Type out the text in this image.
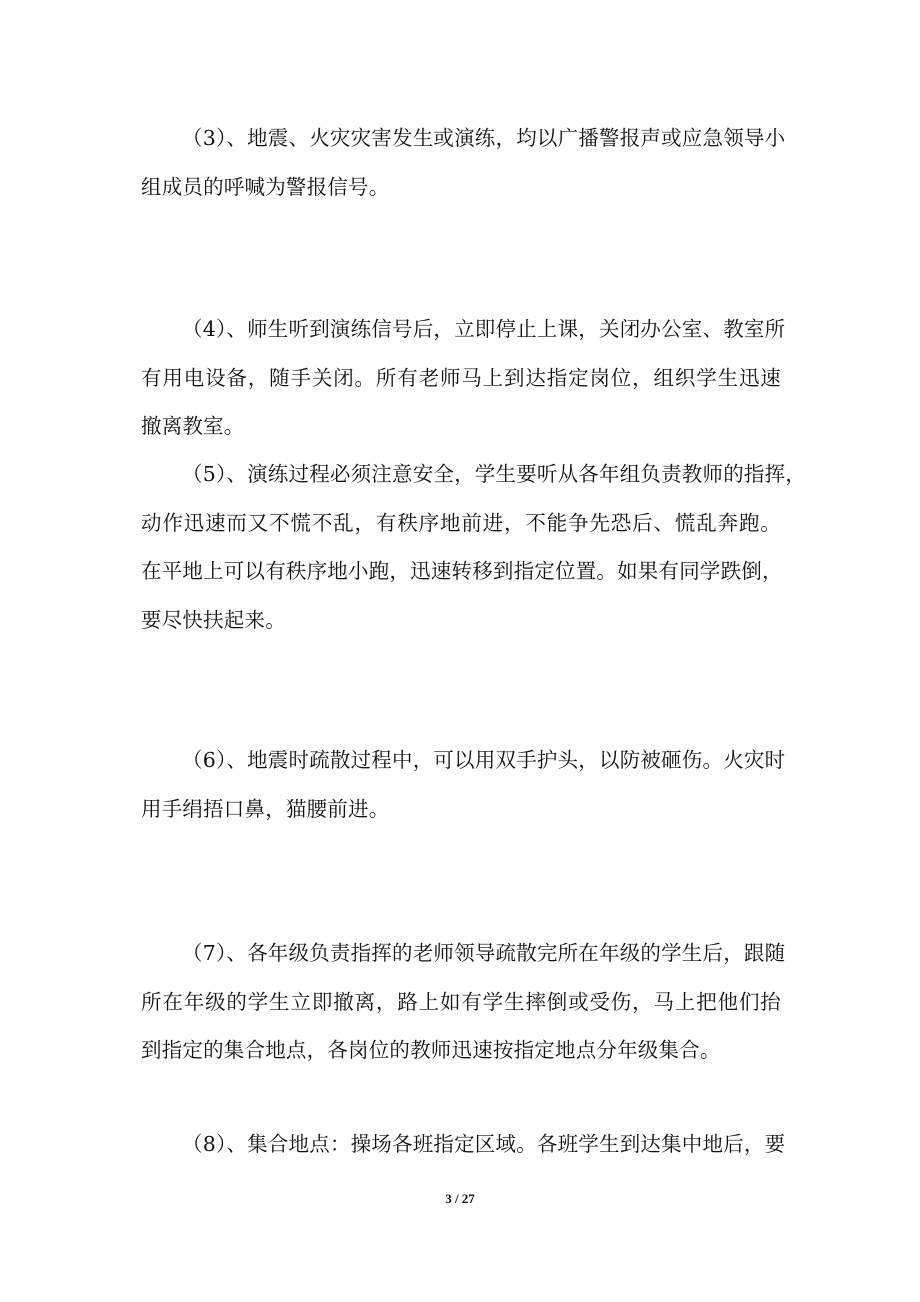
（3）、地震、火灾灾害发生或演练，均以广播警报声或应急领导小
组成员的呼喊为警报信号。
（4）、师生听到演练信号后，立即停止上课，关闭办公室、教室所
有用电设备，随手关闭。所有老师马上到达指定岗位，组织学生迅速
撤离教室。
（5）、演练过程必须注意安全，学生要听从各年组负责教师的指挥，
动作迅速而又不慌不乱，有秩序地前进，不能争先恐后、慌乱奔跑。
在平地上可以有秩序地小跑，迅速转移到指定位置。如果有同学跌倒，
要尽快扶起来。
（6）、地震时疏散过程中，可以用双手护头，以防被砸伤。火灾时
用手绢捂口鼻，猫腰前进。
（7）、各年级负责指挥的老师领导疏散完所在年级的学生后，跟随
所在年级的学生立即撤离，路上如有学生摔倒或受伤，马上把他们抬
到指定的集合地点，各岗位的教师迅速按指定地点分年级集合。
（8）、集合地点：操场各班指定区域。各班学生到达集中地后，要
3 / 27
